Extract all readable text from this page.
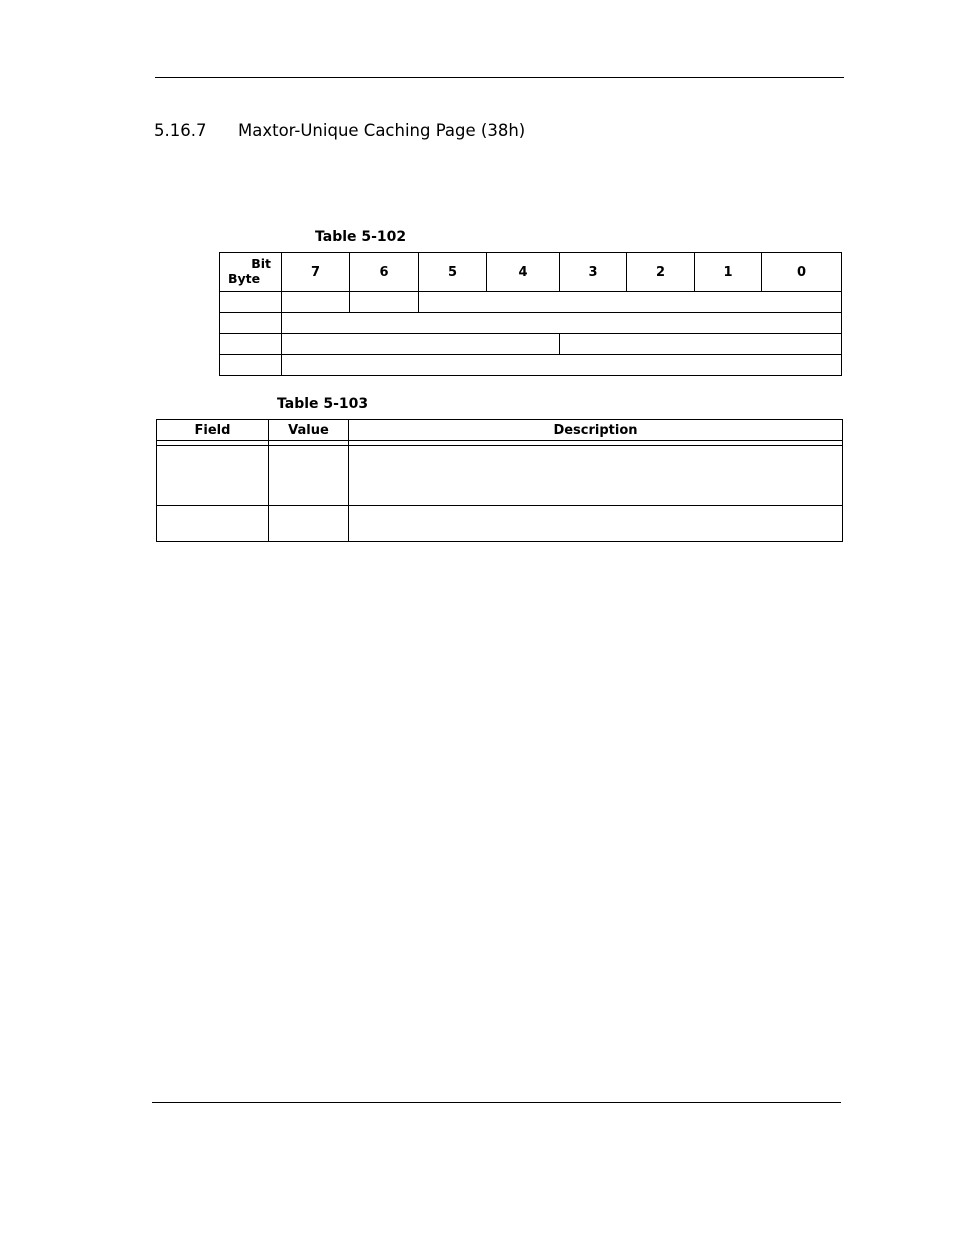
5.16.7 Maxtor-Unique Caching Page (38h)
Table 5-102
Bit
Byte	7	6	5	4	3	2	1	0

Table 5-103
Field	Value	Description
